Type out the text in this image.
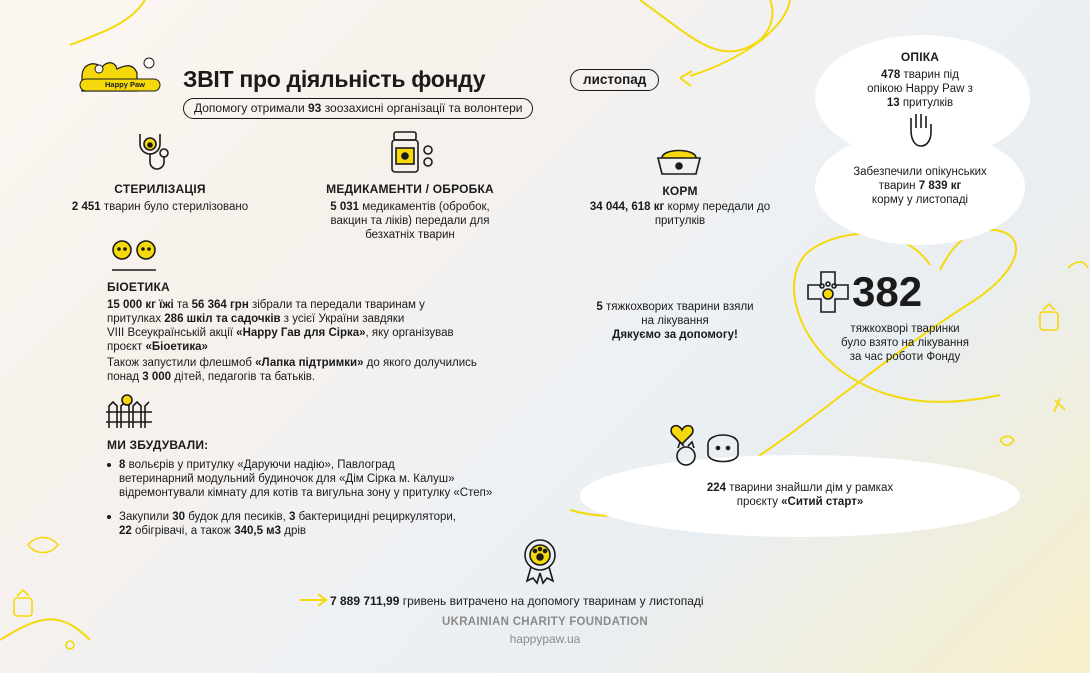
Happy Paw ЗВІТ про діяльність фонду	листопад
Допомогу отримали 93 зоозахисні організації та волонтери
СТЕРИЛІЗАЦІЯ
2 451 тварин було стерилізовано
МЕДИКАМЕНТИ / ОБРОБКА
5 031 медикаментів (обробок,
вакцин та ліків) передали для
безхатніх тварин
КОРМ
34 044, 618 кг корму передали до
притулків
ОПІКА
478 тварин під
опікою Happy Paw з
13 притулків
Забезпечили опікунських
тварин 7 839 кг
корму у листопаді
БІОЕТИКА
15 000 кг їжі та 56 364 грн зібрали та передали тваринам у
притулках 286 шкіл та садочків з усієї України завдяки
VIII Всеукраїнській акції «Happy Гав для Сірка», яку організував
проєкт «Біоетика»
Також запустили флешмоб «Лапка підтримки» до якого долучились
понад 3 000 дітей, педагогів та батьків.
5 тяжкохворих тварини взяли
на лікування
Дякуємо за допомогу!
382
тяжкохворі тваринки
було взято на лікування
за час роботи Фонду
МИ ЗБУДУВАЛИ:
8 вольєрів у притулку «Даруючи надію», Павлоград
ветеринарний модульний будиночок для «Дім Сірка м. Калуш»
відремонтували кімнату для котів та вигульна зону у притулку «Степ»
Закупили 30 будок для песиків, 3 бактерицидні рециркулятори,
22 обігрівачі, а також 340,5 м3 дрів
224 тварини знайшли дім у рамках
проєкту «Ситий старт»
7 889 711,99 гривень витрачено на допомогу тваринам у листопаді
UKRAINIAN CHARITY FOUNDATION
happypaw.ua
